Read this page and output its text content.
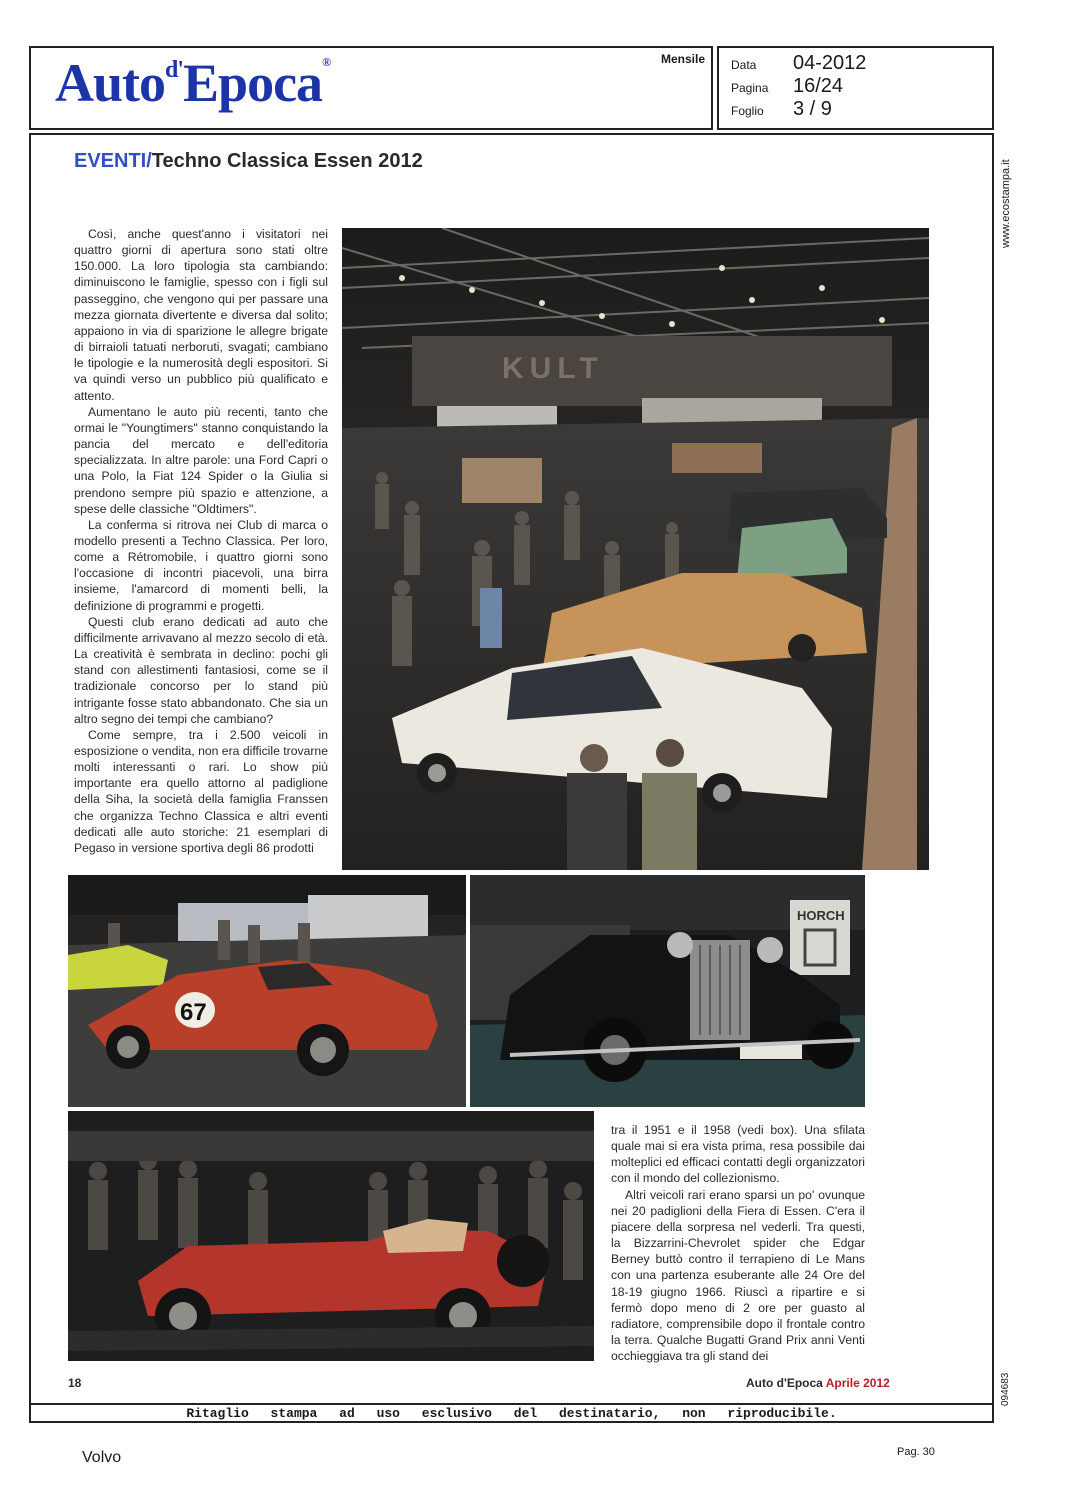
Auto$^{d'}$Epoca®	Mensile Data	04-2012
Pagina	16/24
Foglio	3 / 9
www.ecostampa.it
094683
EVENTI/Techno Classica Essen 2012

Così, anche quest'anno i visitatori nei quattro giorni di apertura sono stati oltre 150.000. La loro tipologia sta cambiando: diminuiscono le famiglie, spesso con i figli sul passeggino, che vengono qui per passare una mezza giornata divertente e diversa dal solito; appaiono in via di sparizione le allegre brigate di birraioli tatuati nerboruti, svagati; cambiano le tipologie e la numerosità degli espositori. Si va quindi verso un pubblico più qualificato e attento.

Aumentano le auto più recenti, tanto che ormai le "Youngtimers" stanno conquistando la pancia del mercato e dell'editoria specializzata. In altre parole: una Ford Capri o una Polo, la Fiat 124 Spider o la Giulia si prendono sempre più spazio e attenzione, a spese delle classiche "Oldtimers".

La conferma si ritrova nei Club di marca o modello presenti a Techno Classica. Per loro, come a Rétromobile, i quattro giorni sono l'occasione di incontri piacevoli, una birra insieme, l'amarcord di momenti belli, la definizione di programmi e progetti.

Questi club erano dedicati ad auto che difficilmente arrivavano al mezzo secolo di età. La creatività è sembrata in declino: pochi gli stand con allestimenti fantasiosi, come se il tradizionale concorso per lo stand più intrigante fosse stato abbandonato. Che sia un altro segno dei tempi che cambiano?

Come sempre, tra i 2.500 veicoli in esposizione o vendita, non era difficile trovarne molti interessanti o rari. Lo show più importante era quello attorno al padiglione della Siha, la società della famiglia Franssen che organizza Techno Classica e altri eventi dedicati alle auto storiche: 21 esemplari di Pegaso in versione sportiva degli 86 prodotti

KULT
67
HORCH

tra il 1951 e il 1958 (vedi box). Una sfilata quale mai si era vista prima, resa possibile dai molteplici ed efficaci contatti degli organizzatori con il mondo del collezionismo.

Altri veicoli rari erano sparsi un po' ovunque nei 20 padiglioni della Fiera di Essen. C'era il piacere della sorpresa nel vederli. Tra questi, la Bizzarrini-Chevrolet spider che Edgar Berney buttò contro il terrapieno di Le Mans con una partenza esuberante alle 24 Ore del 18-19 giugno 1966. Riuscì a ripartire e si fermò dopo meno di 2 ore per guasto al radiatore, comprensibile dopo il frontale contro la terra. Qualche Bugatti Grand Prix anni Venti occhieggiava tra gli stand dei

18	Auto d'Epoca Aprile 2012
Ritaglio stampa ad uso esclusivo del destinatario, non riproducibile.
Volvo	Pag. 30
